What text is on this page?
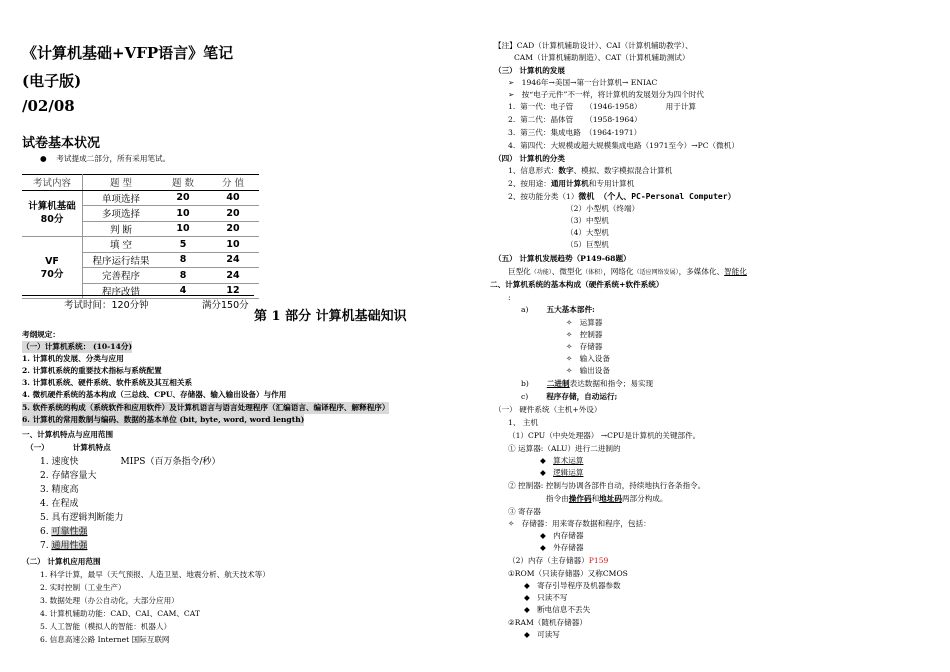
《计算机基础+VFP语言》笔记
(电子版)
/02/08
试卷基本状况
●    考试提成二部分，所有采用笔试。
考试内容	题 型	题 数	分 值
计算机基础
80分	单项选择	20	40
	多项选择	10	20
	判 断	10	20
VF
70分	填 空	5	10
	程序运行结果	8	24
	完善程序	8	24
	程序改错	4	12
考试时间：120分钟	满分150分
第 1 部分 计算机基础知识
考纲规定：
（一）计算机系统： (10-14分)
1. 计算机的发展、分类与应用
2. 计算机系统的重要技术指标与系统配置
3. 计算机系统、硬件系统、软件系统及其互相关系
4. 微机硬件系统的基本构成（三总线、CPU、存储器、输入输出设备）与作用
5. 软件系统的构成（系统软件和应用软件）及计算机语言与语言处理程序（汇编语言、编译程序、解释程序）
6. 计算机的常用数制与编码、数据的基本单位 (bit, byte, word, word length)
一、计算机特点与应用范围
（一）	计算机特点
1. 速度快	MIPS（百万条指令/秒）
2. 存储容量大
3. 精度高
4. 在程成
5. 具有逻辑判断能力
6. 可靠性强
7. 通用性强
（二） 计算机应用范围
1. 科学计算，最早（天气预报、人造卫星、地震分析、航天技术等）
2. 实时控制（工业生产）
3. 数据处理（办公自动化，大部分应用）
4. 计算机辅助功能：CAD、CAI、CAM、CAT
5. 人工智能（模拟人的智能：机器人）
6. 信息高速公路 Internet 国际互联网
【注】CAD（计算机辅助设计）、CAI（计算机辅助教学）、
CAM（计算机辅助制造）、CAT（计算机辅助测试）
（三） 计算机的发展
➢   1946年→美国→第一台计算机→ ENIAC
➢   按“电子元件”不一样，将计算机的发展划分为四个时代
1. 第一代：电子管 （1946-1958）	用于计算
2. 第二代：晶体管 （1958-1964）
3. 第三代：集成电路 （1964-1971）
4. 第四代：大规模或超大规模集成电路（1971至今）→PC（微机）
（四） 计算机的分类
1、信息形式：数字、模拟、数字模拟混合计算机
2、按用途：通用计算机和专用计算机
2、按功能分类（1）微机 （个人、PC-Personal Computer）
（2）小型机（终端）
（3）中型机
（4）大型机
（5）巨型机
（五） 计算机发展趋势（P149-68题）
巨型化（功能）、微型化（体积），网络化（适应网络发展），多媒体化、智能化
二、计算机系统的基本构成（硬件系统+软件系统）
:
a) 五大基本部件:
✧   运算器
✧   控制器
✧   存储器
✧   输入设备
✧   输出设备
b) 二进制表达数据和指令；易实现
c) 程序存储，自动运行;
（一） 硬件系统（主机+外设）
1、 主机
（1）CPU（中央处理器） →CPU是计算机的关键部件。
① 运算器:（ALU）进行二进制的
◆   算术运算
◆   逻辑运算
② 控制器: 控制与协调各部件自动，持续地执行各条指令。
指令由操作码和地址码两部分构成。
③ 寄存器
✧   存储器：用来寄存数据和程序，包括：
◆   内存储器
◆   外存储器
（2）内存（主存储器）P159
①ROM（只读存储器）又称CMOS
◆   寄存引导程序及机器参数
◆   只读不写
◆   断电信息不丢失
②RAM（随机存储器）
◆   可读写
